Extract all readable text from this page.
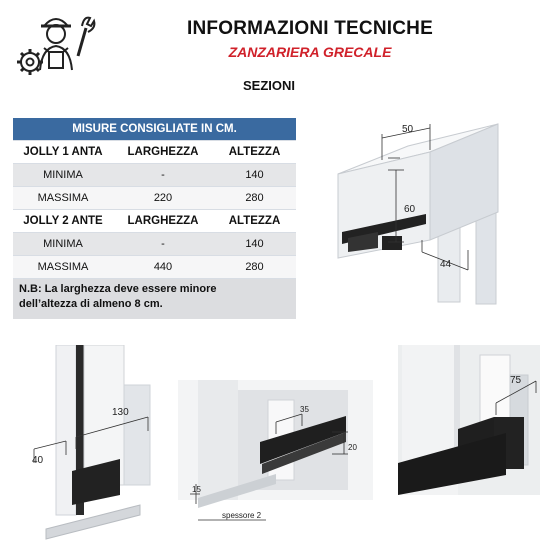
INFORMAZIONI TECNICHE
ZANZARIERA GRECALE
SEZIONI
MISURE CONSIGLIATE IN CM.		
JOLLY 1 ANTA	LARGHEZZA	ALTEZZA
MINIMA	-	140
MASSIMA	220	280
JOLLY 2 ANTE	LARGHEZZA	ALTEZZA
MINIMA	-	140
MASSIMA	440	280
N.B: La larghezza deve essere minore
dell’altezza di almeno 8 cm.
50
60
44
40
130	35
20
15
spessore 2
75
